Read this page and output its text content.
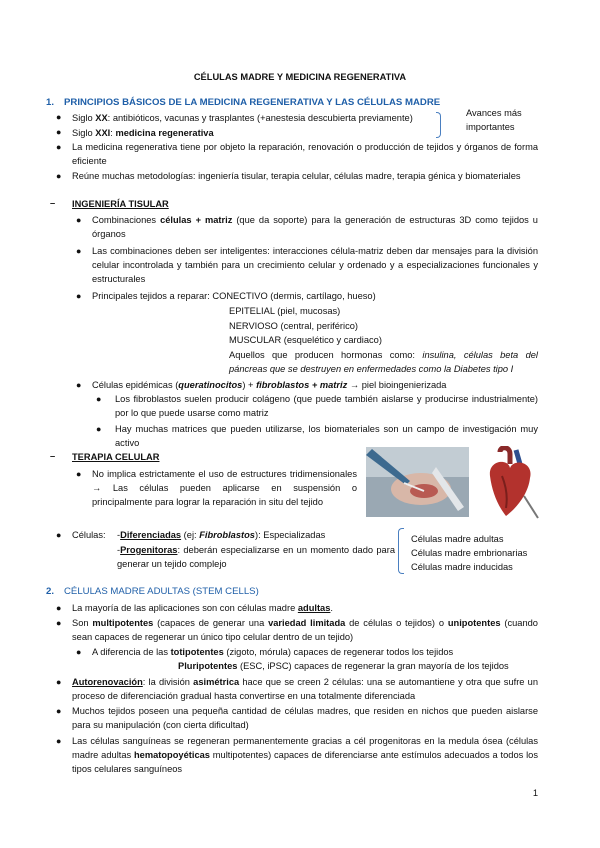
CÉLULAS MADRE Y MEDICINA REGENERATIVA
1. PRINCIPIOS BÁSICOS DE LA MEDICINA REGENERATIVA Y LAS CÉLULAS MADRE
● Siglo XX: antibióticos, vacunas y trasplantes (+anestesia descubierta previamente)
● Siglo XXI: medicina regenerativa
Avances más importantes
● La medicina regenerativa tiene por objeto la reparación, renovación o producción de tejidos y órganos de forma eficiente
● Reúne muchas metodologías: ingeniería tisular, terapia celular, células madre, terapia génica y biomateriales
– INGENIERÍA TISULAR
● Combinaciones células + matriz (que da soporte) para la generación de estructuras 3D como tejidos u órganos
● Las combinaciones deben ser inteligentes: interacciones célula-matriz deben dar mensajes para la división celular incontrolada y también para un crecimiento celular y ordenado y a especializaciones funcionales y estructurales
● Principales tejidos a reparar: CONECTIVO (dermis, cartílago, hueso)
EPITELIAL (piel, mucosas)
NERVIOSO (central, periférico)
MUSCULAR (esquelético y cardiaco)
Aquellos que producen hormonas como: insulina, células beta del páncreas que se destruyen en enfermedades como la Diabetes tipo I
● Células epidémicas (queratinocitos) + fibroblastos + matriz → piel bioingenierizada
● Los fibroblastos suelen producir colágeno (que puede también aislarse y producirse industrialmente) por lo que puede usarse como matriz
● Hay muchas matrices que pueden utilizarse, los biomateriales son un campo de investigación muy activo
– TERAPIA CELULAR
● No implica estrictamente el uso de estructures tridimensionales → Las células pueden aplicarse en suspensión o principalmente para lograr la reparación in situ del tejido
● Células: -Diferenciadas (ej: Fibroblastos): Especializadas
-Progenitoras: deberán especializarse en un momento dado para generar un tejido complejo
Células madre adultas
Células madre embrionarias
Células madre inducidas
2. CÉLULAS MADRE ADULTAS (STEM CELLS)
● La mayoría de las aplicaciones son con células madre adultas.
● Son multipotentes (capaces de generar una variedad limitada de células o tejidos) o unipotentes (cuando sean capaces de regenerar un único tipo celular dentro de un tejido)
● A diferencia de las totipotentes (zigoto, mórula) capaces de regenerar todos los tejidos
Pluripotentes (ESC, iPSC) capaces de regenerar la gran mayoría de los tejidos
● Autorenovación: la división asimétrica hace que se creen 2 células: una se automantiene y otra que sufre un proceso de diferenciación gradual hasta convertirse en una totalmente diferenciada
● Muchos tejidos poseen una pequeña cantidad de células madres, que residen en nichos que pueden aislarse para su manipulación (con cierta dificultad)
● Las células sanguíneas se regeneran permanentemente gracias a cél progenitoras en la medula ósea (células madre adultas hematopoyéticas multipotentes) capaces de diferenciarse ante estímulos adecuados a todos los tipos celulares sanguíneos
1
